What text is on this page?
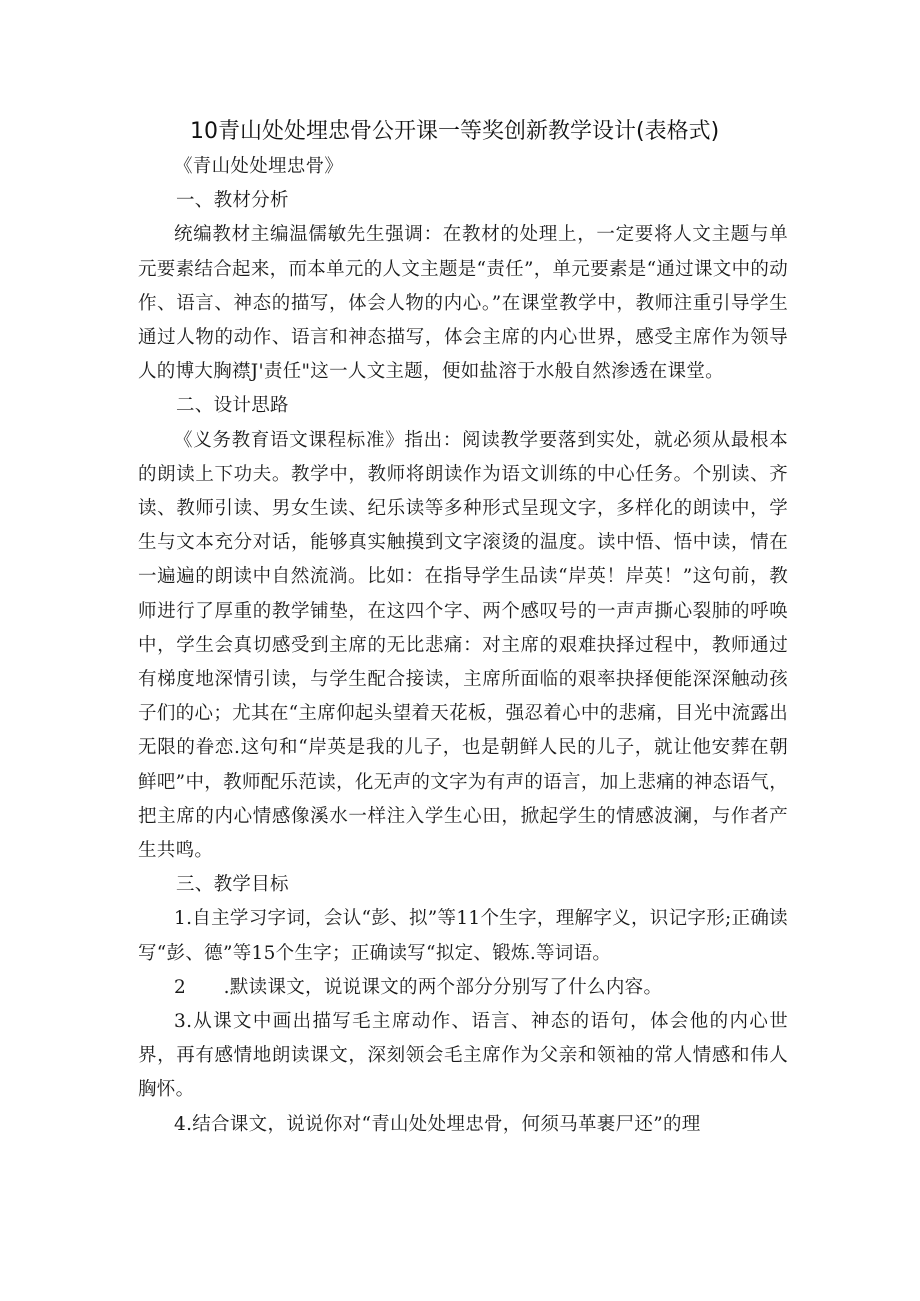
10青山处处埋忠骨公开课一等奖创新教学设计(表格式)

《青山处处埋忠骨》

一、教材分析

统编教材主编温儒敏先生强调：在教材的处理上，一定要将人文主题与单元要素结合起来，而本单元的人文主题是“责任”，单元要素是“通过课文中的动作、语言、神态的描写，体会人物的内心。”在课堂教学中，教师注重引导学生通过人物的动作、语言和神态描写，体会主席的内心世界，感受主席作为领导人的博大胸襟J'责任"这一人文主题，便如盐溶于水般自然渗透在课堂。

二、设计思路

《义务教育语文课程标准》指出：阅读教学要落到实处，就必须从最根本的朗读上下功夫。教学中，教师将朗读作为语文训练的中心任务。个别读、齐读、教师引读、男女生读、纪乐读等多种形式呈现文字，多样化的朗读中，学生与文本充分对话，能够真实触摸到文字滚烫的温度。读中悟、悟中读，情在一遍遍的朗读中自然流淌。比如：在指导学生品读“岸英！岸英！”这句前，教师进行了厚重的教学铺垫，在这四个字、两个感叹号的一声声撕心裂肺的呼唤中，学生会真切感受到主席的无比悲痛：对主席的艰难抉择过程中，教师通过有梯度地深情引读，与学生配合接读，主席所面临的艰率抉择便能深深触动孩子们的心；尤其在“主席仰起头望着天花板，强忍着心中的悲痛，目光中流露出无限的眷恋.这句和“岸英是我的儿子，也是朝鲜人民的儿子，就让他安葬在朝鲜吧”中，教师配乐范读，化无声的文字为有声的语言，加上悲痛的神态语气，把主席的内心情感像溪水一样注入学生心田，掀起学生的情感波澜，与作者产生共鸣。

三、教学目标

1.自主学习字词，会认“彭、拟”等11个生字，理解字义，识记字形;正确读写“彭、德”等15个生字；正确读写“拟定、锻炼.等词语。

2　　.默读课文，说说课文的两个部分分别写了什么内容。

3.从课文中画出描写毛主席动作、语言、神态的语句，体会他的内心世界，再有感情地朗读课文，深刻领会毛主席作为父亲和领袖的常人情感和伟人胸怀。

4.结合课文，说说你对“青山处处埋忠骨，何须马革裹尸还”的理
